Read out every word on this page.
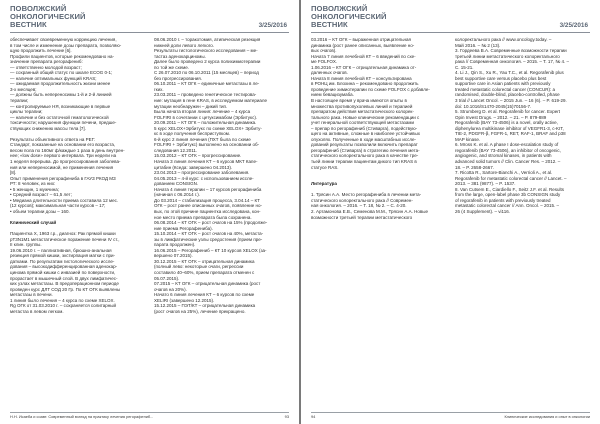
ПОВОЛЖСКИЙ
ОНКОЛОГИЧЕСКИЙ
ВЕСТНИК	3/25/2016
обеспечивает своевременную коррекцию лечения,
в том числе и изменение дозы препарата, позволяю-
щую продолжить лечение [6].
Профили пациентов, которые рекомендовано на-
значение препарата регорафениб:
— ответственно молодой возраст;
— сохранный общий статус по шкале ECOG 0-1;
— наличие оптимальных функций KRAS;
— ожидаемая продолжительность жизни менее
3-х месяцев;
— должны быть непереносимы 1-й и 2-й линией
терапии;
— контролируемые НЯ, возникающие в первые
циклы терапии;
— наличие и без остаточной гематологической
токсичности; нарушения функции печени, предше-
ствующих снижению массы тела [7].
Результаты объективного ответа на РЕГ:
Стандарт, показанные на основании его возраста,
весом пола по 160мг ф/каждые 1 раза в день внутрен-
нее; «low dose» первого интервала. Три недели на
1 неделя перерыва. До прогрессирования заболева-
ния или непереносимой, не применения лечения
[8].
Опыт применения регорафениба в ГАУЗ РКОД МЗ
РТ: 8 человек, из них:
• 5 женщин, 1 мужчина;
• Средний возраст – 61,5 лет;
• Медиана длительности приема составила 12 мес.
(12 курсов); максимальная части курсов – 17;
• объем терапии дозы – 160.
Клинический случай
Пациентка Х, 1963 г.р., диагноз: Рак прямой кишки
pT3N1M1 метастатическое поражение печени IV ст.,
II клин. группы.
19.06.2010 г. – паллиативная, брюшно-анальная
резекция прямой кишки, экстирпация матки с при-
датками. По результатам гистологического иссле-
дования – высокодифференцированная аденокар-
цинома прямой кишки с инвазией по поверхности,
прорастает в мышечный слой. В двух лимфатичес-
ких узлах метастазы. В предоперационном периоде
проведен курс ДЛТ СОД 20 Гр. По КТ ОГК выявлены
метастазы в печени.
1 линия было лечения – 4 курса по схеме XELOX.
Rg ОГК от 31.03.2010 г. – сохраняется солитарный
метастаз в левом легком.
08.06.2010 г. – торакотомия, атипическая резекция
нижней доли левого легкого.
Результаты гистологического исследования – ме-
тастаз аденокарциномы.
Далее было проведено 2 курса полихимиотерапии
по той же схеме.
С 26.07.2010 по 06.10.2011 (15 месяцев) – период
без прогрессирования.
06.10.2011 – КТ ОГК – единичные метастазы в ле-
гких.
23.03.2011 – проведено генетическое тестирова-
ние: мутация в гене KRAS, в исследуемом материале
мутации необнаружен – дикий тип.
Была начата вторая линия: лечение – 4 курса
FOLFIRI в сочетании с цетуксимабом (Эрбитукс).
20.09.2011 – КТ ОГК – положительная динамика.
5 курс XELOX+Эрбитукс по схеме XELOX+ Эрбиту-
кс в ходе получения бесприступком.
6-й курс 2 линия лечения (ПХТ была по схеме
FOLFIRI + Эрбитукс) выполнено на основании об-
следования 12.2011.
15.03.2012 – КТ ОГК – прогрессирование.
Начата 3 линия лечения КТ – 6 курсов МКТ Капе-
цитабин (Кседа: завершено 04.2013).
23.04.2013 – прогрессирование заболевания.
04.05.2013 – 4-й курс: с использованием иссле-
дованием CONSIGN.
Начата 4 линия терапии – 17 курсов регорафениба
(начиная с 06.2014 г.).
До 03.2014 – стабилизация процесса, 3.04.14 – КТ
ОГК – рост ранее описанных очагов, появление но-
вых, по этой причине пациентка исследована, кон-
ное место приема препарата была сохранена.
06.08.2014 – КТ ОГК – рост очагов на 15% (продолже-
ние приема Регорафениба).
15.10.2014 – КТ ОГК – рост очагов на 40%, метаста-
зы в лимфатические узлы средостения (прием пре-
парата продолжен).
16.06.2015 – Регорафениб – КТ 10 курсов XELOX (за-
вершено 07.2015).
30.12.2015 – КТ ОГК – отрицательная динамика
(полный лево: некоторые очаги, регрессии
составило 40–60%, прием препарата отменен с
05.07.2015).
07.2015 – КТ ОГК – отрицательная динамика (рост
очагов на 20%).
Начато 6 линия лечения КТ – 6 курсов по схеме
XELIRI (завершено 12.2015).
15.12.2015 – ПЭТ/КТ – отрицательная динамика
(рост очагов на 25%), лечение прекращено.
Н.Н. Исаеба и соавт. Современный взгляд на практику лечения регорафениб...	93
ПОВОЛЖСКИЙ
ОНКОЛОГИЧЕСКИЙ
ВЕСТНИК	3/25/2016
03.2016 – КТ ОГК – выраженная отрицательная
динамика (рост ранее описанных, выявление но-
вых очагов).
Начата 7 линия лечебной КТ – 6 введений по схе-
ме FOLFOX.
1.06.2016 – КТ ОГК – отрицательная динамика от-
даленных очагов.
Начата 8 линия лечебной КТ – консультирована
в РОНЦ им. Блохина – рекомендовано продолжить
проведение химиотерапии по схеме FOLFOX с добавле-
нием бевацизумаба.
В настоящее время у врача имеются опыты в
множества противопухолевых линий и терапией
препаратом действия метастатического колорек-
тального рака. Новые клинические рекомендации с
учет генеральной соответствующей метастазами
– препар по регорафениб (Стиварга), подействую-
щего на активные, сложные в наиболее устойчивых
опухолях. Полученные в ходе масштабных иссле-
дований результаты позволили включить препарат
регорафениб (Стиварга) в стратегию лечения мета-
статического колоректального рака в качестве тре-
тьей линии терапии пациентам дикого тип KRAS в
статусе RAS.
Литература
1. Трясин А.А. Место регорафениба в лечении мета-
статического колоректального рака // Современ-
ная онкология. – 2016. – Т. 18, № 2. – С. 4-20.
2. Артамонова Е.В., Семенова М.М., Трясин А.А. Новые
возможности третьей терапии метастатического
колоректального рака // www.oncology.today. –
Май 2016. – № 2 (13).
3. Гордеева В.А. Современные возможности терапии
третьей линии метастатического колоректального
рака // Современная онкология. – 2015. – Т. 17, № 4. –
С. 15-21.
4. Li J., Qin S., Xu R., Yau T.C., et al. Regorafenib plus
best supportive care versus placebo plus best
supportive care in Asian patients with previously
treated metastatic colorectal cancer (CONCUR): a
randomised, double-blind, placebo-controlled, phase
3 trial // Lancet Oncol. – 2015 Jun. – 16 (6). – P. 619-29.
doi: 10.1016/S1470-2045(15)70156-7.
5. Strumberg D. et al. Regorafenib for cancer. Expert
Opin Invest Drugs. – 2012. – 21. – P. 879-889
Regorafenib (BAY 73-4506) is a novel, orally active,
diphenylurea multikinase inhibitor of VEGFR1-3, c-KIT,
TIE-2, PDGFR-β, FGFR-1, RET, RAF-1, BRAF and p38
MAP kinase.
6. Mross K. et al. A phase I dose-escalation study of
regorafenib (BAY 73-4506), an inhibitor of oncogenic,
angiogenic, and stromal kinases, in patients with
advanced solid tumors // Clin. Cancer Res. – 2012. –
18. – P. 2658-2667.
7. Ricotta R., Sartore-Bianchi A., Verrioli A., et al.
Regorafenib for metastatic colorectal cancer // Lancet. –
2013. – 381 (9877). – P. 1537.
8. Van Cutsem E., Ciardiello F., Seitz J.F. et al. Results
from the large, open-label phase 3b CONSIGN study
of regorafenib in patients with previously treated
metastatic colorectal cancer // Ann. Oncol. – 2015. –
26 (4 Supplement). – vi116.
94	Клинические исследования и опыт в онкологии
